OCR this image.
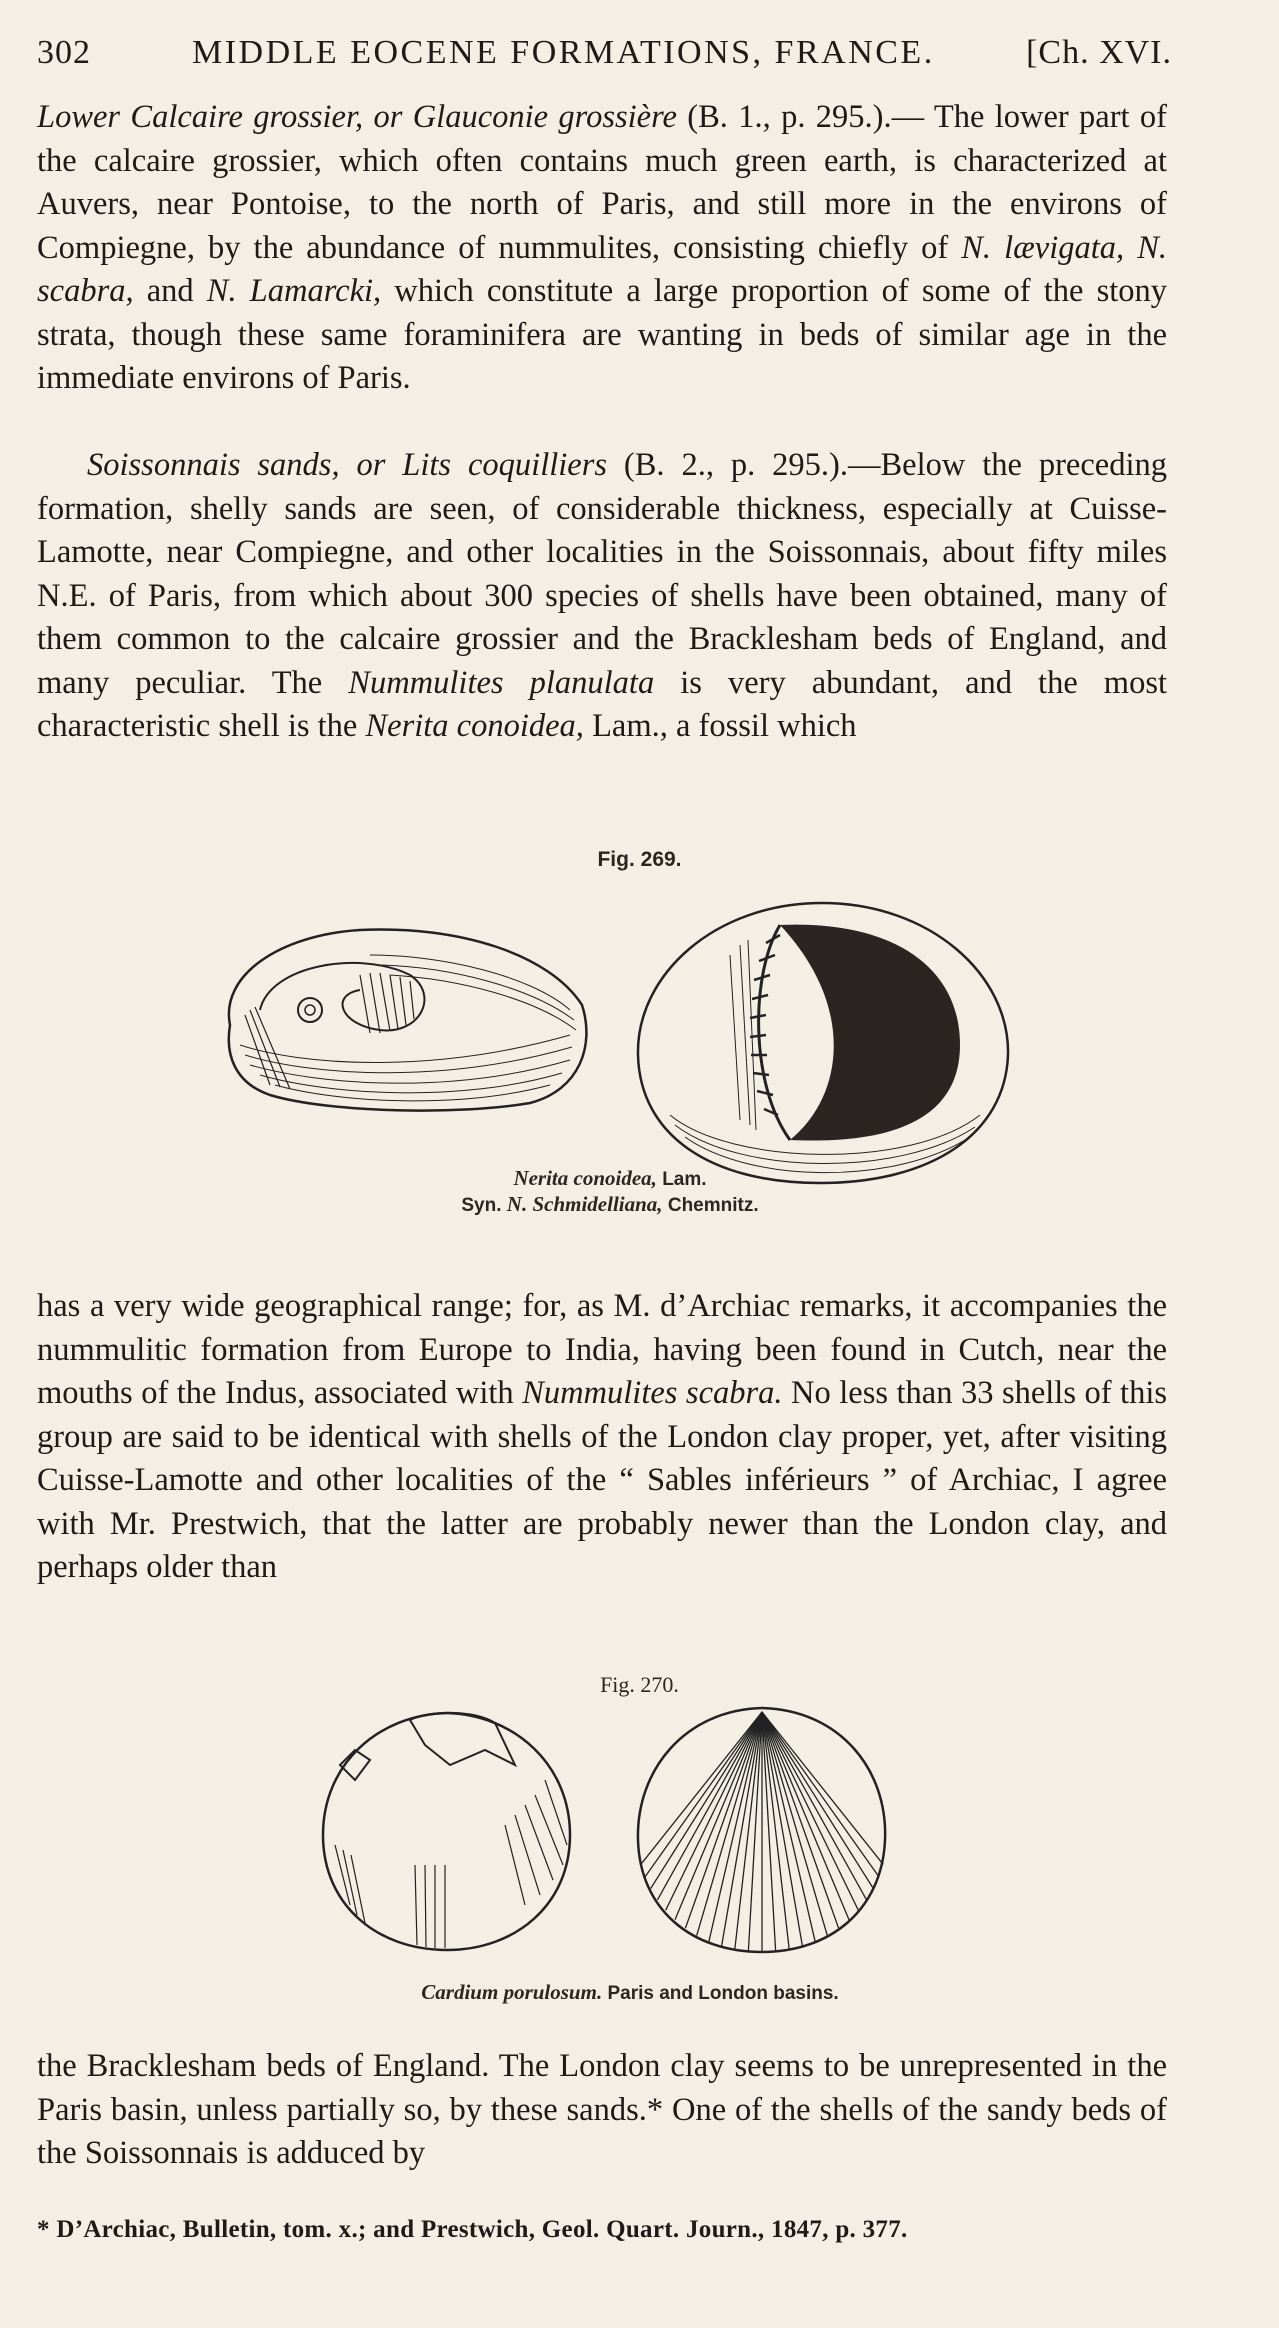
302	MIDDLE EOCENE FORMATIONS, FRANCE.	[Ch. XVI.

Lower Calcaire grossier, or Glauconie grossière (B. 1., p. 295.).— The lower part of the calcaire grossier, which often contains much green earth, is characterized at Auvers, near Pontoise, to the north of Paris, and still more in the environs of Compiegne, by the abundance of nummulites, consisting chiefly of N. lævigata, N. scabra, and N. Lamarcki, which constitute a large proportion of some of the stony strata, though these same foraminifera are wanting in beds of similar age in the immediate environs of Paris.

Soissonnais sands, or Lits coquilliers (B. 2., p. 295.).—Below the preceding formation, shelly sands are seen, of considerable thickness, especially at Cuisse-Lamotte, near Compiegne, and other localities in the Soissonnais, about fifty miles N.E. of Paris, from which about 300 species of shells have been obtained, many of them common to the calcaire grossier and the Bracklesham beds of England, and many peculiar. The Nummulites planulata is very abundant, and the most characteristic shell is the Nerita conoidea, Lam., a fossil which

Fig. 269.
Nerita conoidea, Lam.
Syn. N. Schmidelliana, Chemnitz.

has a very wide geographical range; for, as M. d’Archiac remarks, it accompanies the nummulitic formation from Europe to India, having been found in Cutch, near the mouths of the Indus, associated with Nummulites scabra. No less than 33 shells of this group are said to be identical with shells of the London clay proper, yet, after visiting Cuisse-Lamotte and other localities of the “ Sables inférieurs ” of Archiac, I agree with Mr. Prestwich, that the latter are probably newer than the London clay, and perhaps older than

Fig. 270.
Cardium porulosum. Paris and London basins.

the Bracklesham beds of England. The London clay seems to be unrepresented in the Paris basin, unless partially so, by these sands.* One of the shells of the sandy beds of the Soissonnais is adduced by

* D’Archiac, Bulletin, tom. x.; and Prestwich, Geol. Quart. Journ., 1847, p. 377.
